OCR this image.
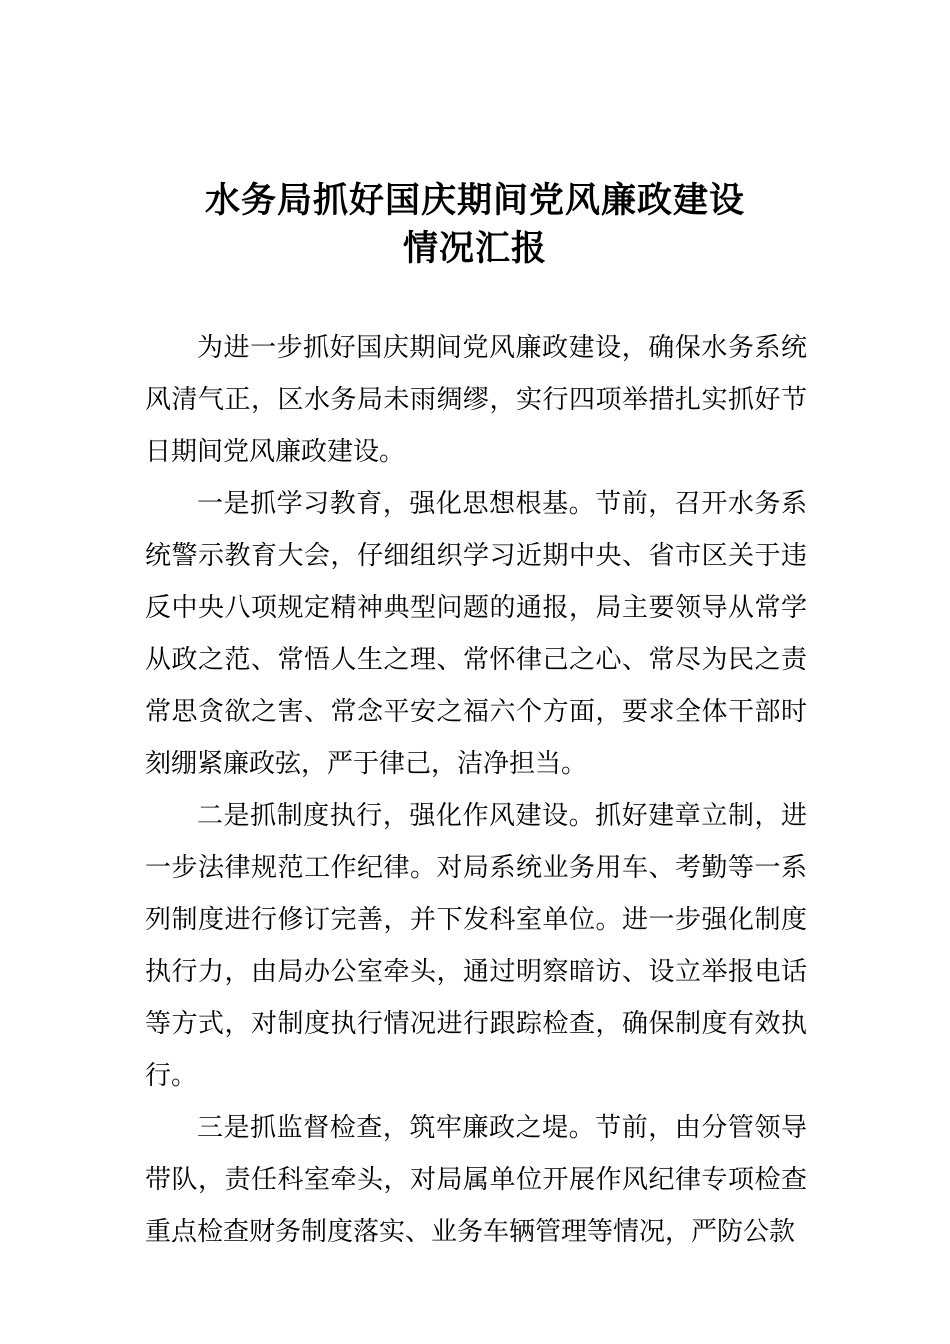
水务局抓好国庆期间党风廉政建设
情况汇报

为进一步抓好国庆期间党风廉政建设，确保水务系统风清气正，区水务局未雨绸缪，实行四项举措扎实抓好节日期间党风廉政建设。

一是抓学习教育，强化思想根基。节前，召开水务系统警示教育大会，仔细组织学习近期中央、省市区关于违反中央八项规定精神典型问题的通报，局主要领导从常学从政之范、常悟人生之理、常怀律己之心、常尽为民之责常思贪欲之害、常念平安之福六个方面，要求全体干部时刻绷紧廉政弦，严于律己，洁净担当。

二是抓制度执行，强化作风建设。抓好建章立制，进一步法律规范工作纪律。对局系统业务用车、考勤等一系列制度进行修订完善，并下发科室单位。进一步强化制度执行力，由局办公室牵头，通过明察暗访、设立举报电话等方式，对制度执行情况进行跟踪检查，确保制度有效执行。

三是抓监督检查，筑牢廉政之堤。节前，由分管领导带队，责任科室牵头，对局属单位开展作风纪律专项检查重点检查财务制度落实、业务车辆管理等情况，严防公款
